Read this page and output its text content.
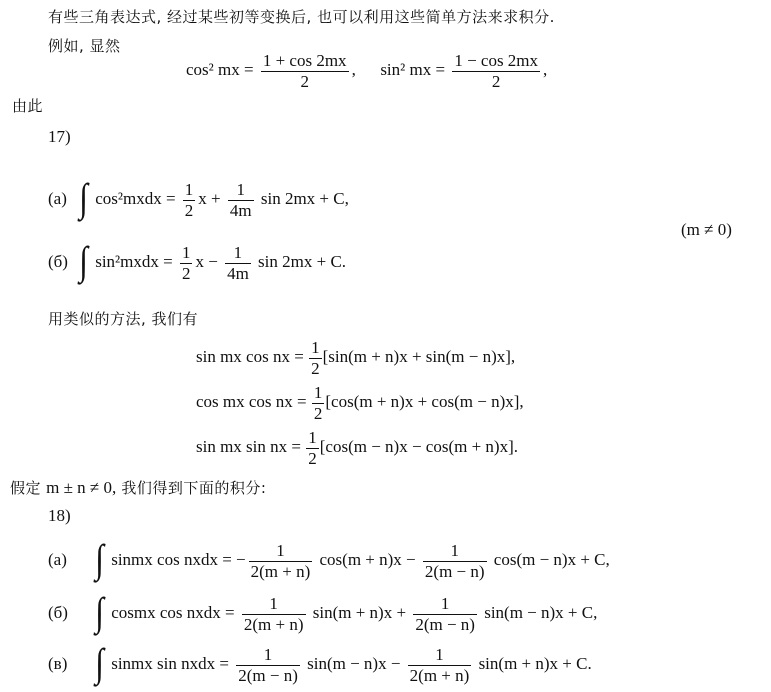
有些三角表达式, 经过某些初等变换后, 也可以利用这些简单方法来求积分.
例如, 显然
cos² mx = $\frac{1 + \cos 2mx}{2}$ , sin² mx = $\frac{1 - \cos 2mx}{2}$ ,
由此
17)
(a) ∫ cos²mxdx = $\frac{1}{2}$ $x + \frac{1}{4m}$ sin 2mx + C,
(m ≠ 0)
(б) ∫ sin²mxdx = $\frac{1}{2}$ $x - \frac{1}{4m}$ sin 2mx + C.
用类似的方法, 我们有
sin mx cos nx = $\frac{1}{2} [\sin(m + n)x + \sin(m - n)x]$,
cos mx cos nx = $\frac{1}{2} [\cos(m + n)x + \cos(m - n)x]$,
sin mx sin nx = $\frac{1}{2} [\cos(m - n)x - \cos(m + n)x]$.
假定 m ± n ≠ 0, 我们得到下面的积分:
18)
(a) ∫ sinmx cos nxdx = − $\frac{1}{2(m + n)} \cos(m + n)x - \frac{1}{2(m - n)} \cos(m - n)x + C$,
(б) ∫ cosmx cos nxdx = $\frac{1}{2(m + n)} \sin(m + n)x + \frac{1}{2(m - n)} \sin(m - n)x + C$,
(в) ∫ sinmx sin nxdx = $\frac{1}{2(m - n)} \sin(m - n)x - \frac{1}{2(m + n)} \sin(m + n)x + C$.
